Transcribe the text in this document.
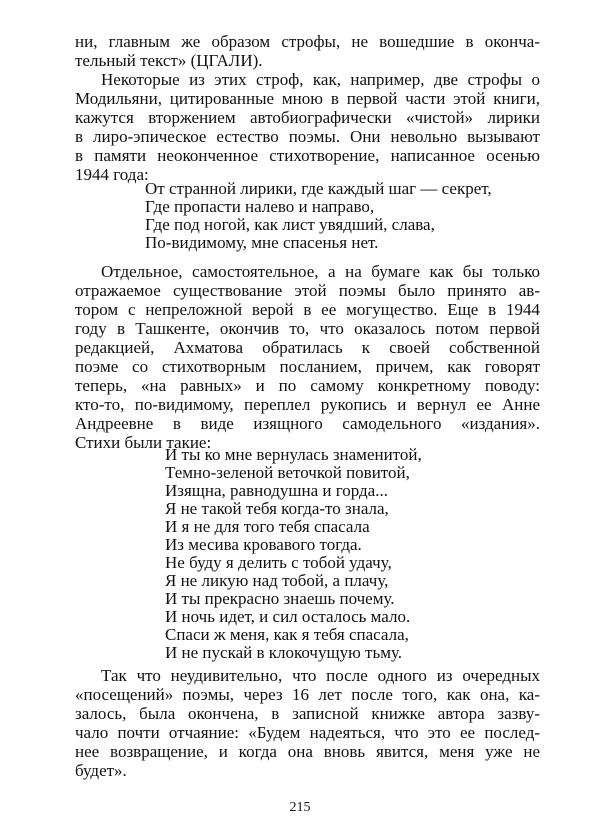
ни, главным же образом строфы, не вошедшие в оконча-
тельный текст» (ЦГАЛИ).
Некоторые из этих строф, как, например, две строфы о
Модильяни, цитированные мною в первой части этой книги,
кажутся вторжением автобиографически «чистой» лирики
в лиро-эпическое естество поэмы. Они невольно вызывают
в памяти неоконченное стихотворение, написанное осенью
1944 года:
От странной лирики, где каждый шаг — секрет,
Где пропасти налево и направо,
Где под ногой, как лист увядший, слава,
По-видимому, мне спасенья нет.
Отдельное, самостоятельное, а на бумаге как бы только
отражаемое существование этой поэмы было принято ав-
тором с непреложной верой в ее могущество. Еще в 1944
году в Ташкенте, окончив то, что оказалось потом первой
редакцией, Ахматова обратилась к своей собственной
поэме со стихотворным посланием, причем, как говорят
теперь, «на равных» и по самому конкретному поводу:
кто-то, по-видимому, переплел рукопись и вернул ее Анне
Андреевне в виде изящного самодельного «издания».
Стихи были такие:
И ты ко мне вернулась знаменитой,
Темно-зеленой веточкой повитой,
Изящна, равнодушна и горда...
Я не такой тебя когда-то знала,
И я не для того тебя спасала
Из месива кровавого тогда.
Не буду я делить с тобой удачу,
Я не ликую над тобой, а плачу,
И ты прекрасно знаешь почему.
И ночь идет, и сил осталось мало.
Спаси ж меня, как я тебя спасала,
И не пускай в клокочущую тьму.
Так что неудивительно, что после одного из очередных
«посещений» поэмы, через 16 лет после того, как она, ка-
залось, была окончена, в записной книжке автора зазву-
чало почти отчаяние: «Будем надеяться, что это ее послед-
нее возвращение, и когда она вновь явится, меня уже не
будет».
215
